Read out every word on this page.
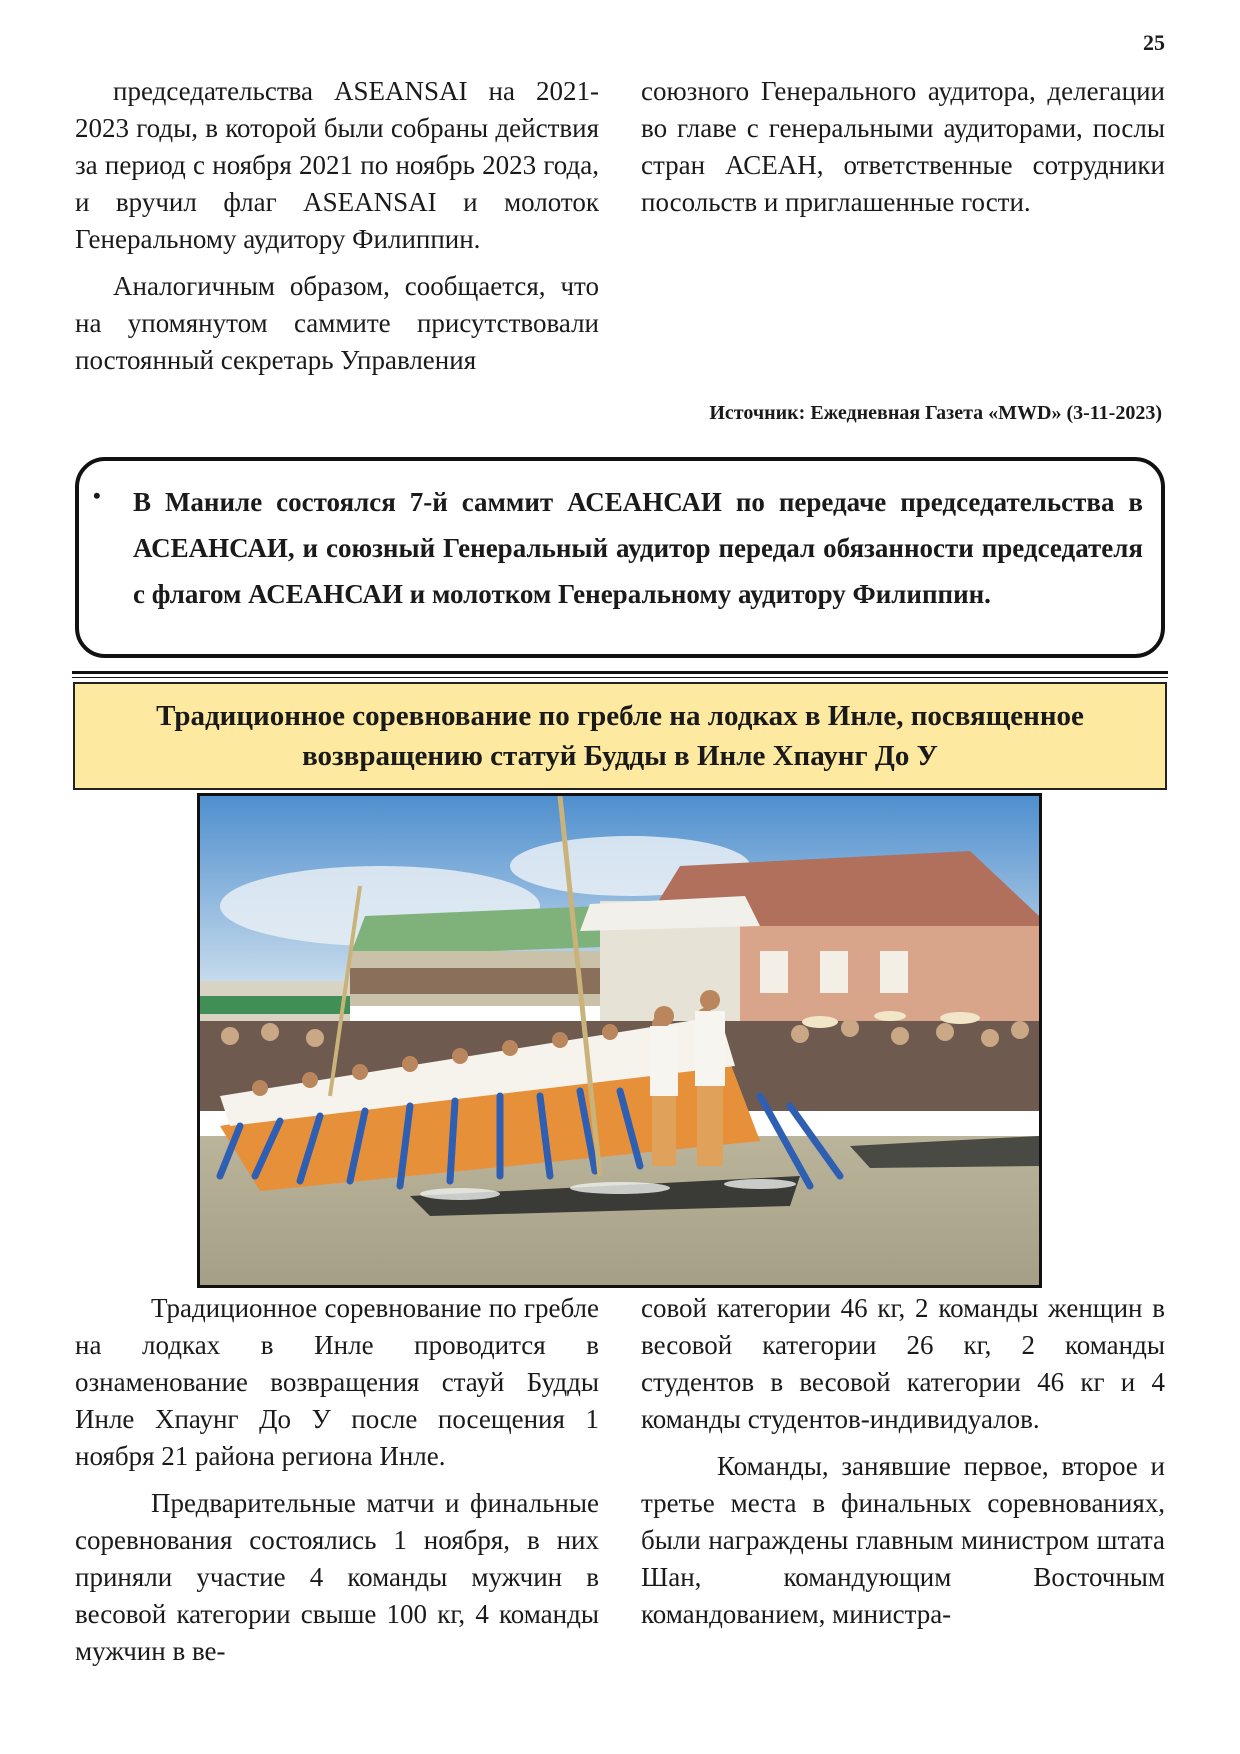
25

председательства ASEANSAI на 2021-2023 годы, в которой были собраны действия за период с ноября 2021 по ноябрь 2023 года, и вручил флаг ASEANSAI и молоток Генеральному аудитору Филиппин.

Аналогичным образом, сообщается, что на упомянутом саммите присутствовали постоянный секретарь Управления

союзного Генерального аудитора, делегации во главе с генеральными аудиторами, послы стран АСЕАН, ответственные сотрудники посольств и приглашенные гости.

Источник: Ежедневная Газета «MWD» (3-11-2023)
• В Маниле состоялся 7-й саммит АСЕАНСАИ по передаче председательства в АСЕАНСАИ, и союзный Генеральный аудитор передал обязанности председателя с флагом АСЕАНСАИ и молотком Генеральному аудитору Филиппин.
Традиционное соревнование по гребле на лодках в Инле, посвященное возвращению статуй Будды в Инле Хпаунг До У

Традиционное соревнование по гребле на лодках в Инле проводится в ознаменование возвращения стауй Будды Инле Хпаунг До У после посещения 1 ноября 21 района региона Инле.

Предварительные матчи и финальные соревнования состоялись 1 ноября, в них приняли участие 4 команды мужчин в весовой категории свыше 100 кг, 4 команды мужчин в ве-

совой категории 46 кг, 2 команды женщин в весовой категории 26 кг, 2 команды студентов в весовой категории 46 кг и 4 команды студентов-индивидуалов.

Команды, занявшие первое, второе и третье места в финальных соревнованиях, были награждены главным министром штата Шан, командующим Восточным командованием, министра-
